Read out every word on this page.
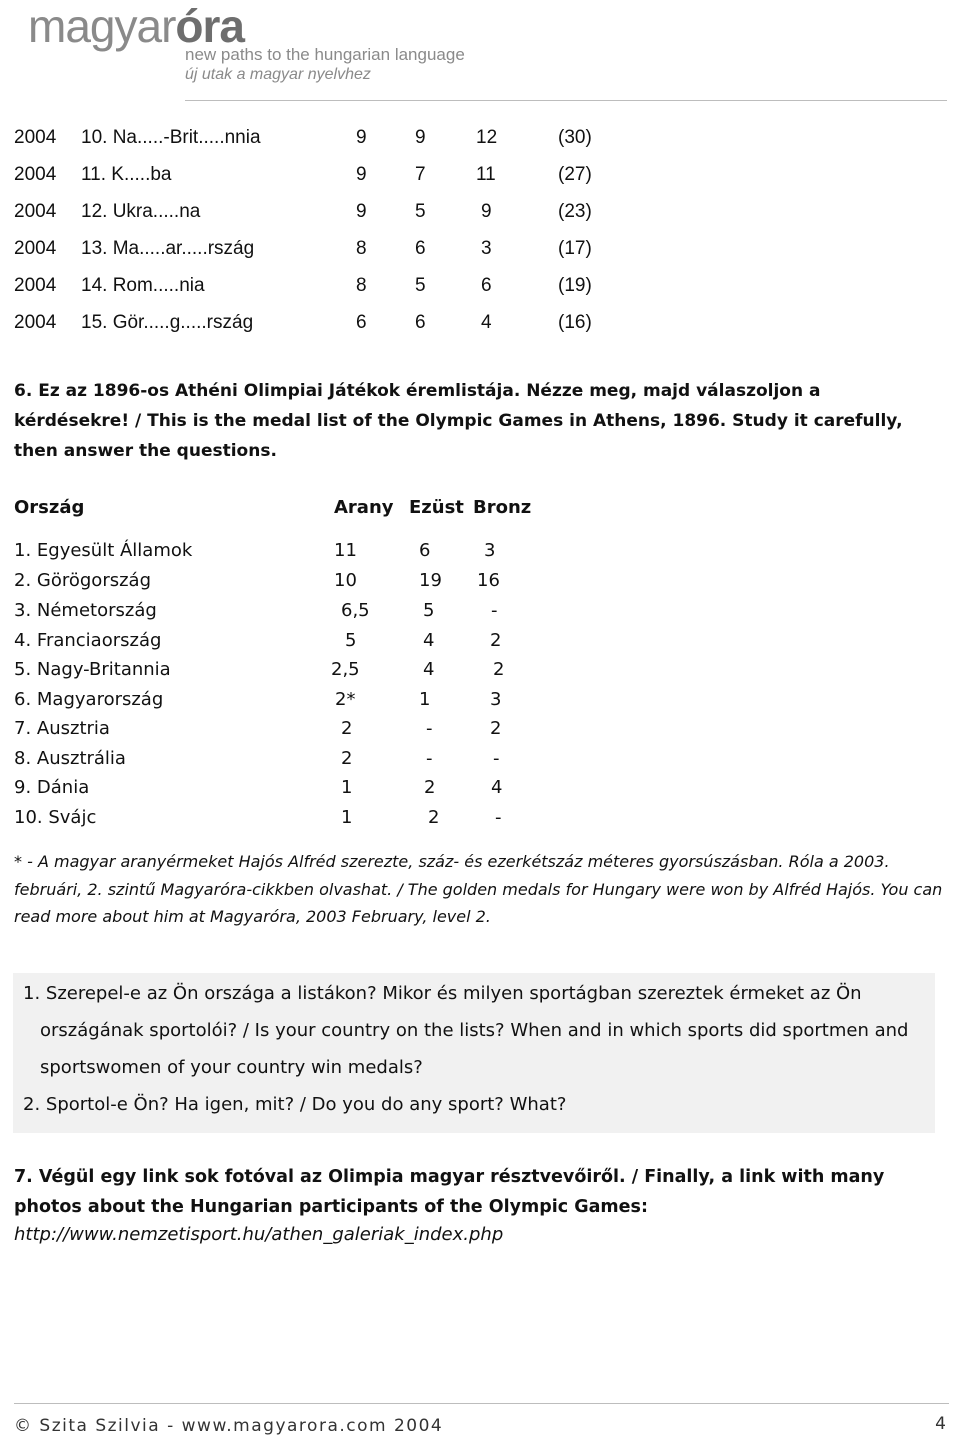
magyaróra
new paths to the hungarian language
új utak a magyar nyelvhez
2004 10. Na.....-Brit.....nnia	9	9	12	(30)
2004 11. K.....ba	9	7	11	(27)
2004 12. Ukra.....na	9	5	9	(23)
2004 13. Ma.....ar.....rszág	8	6	3	(17)
2004 14. Rom.....nia	8	5	6	(19)
2004 15. Gör.....g.....rszág	6	6	4	(16)
6. Ez az 1896-os Athéni Olimpiai Játékok éremlistája. Nézze meg, majd válaszoljon a kérdésekre! / This is the medal list of the Olympic Games in Athens, 1896. Study it carefully, then answer the questions.
Ország	Arany Ezüst Bronz
1. Egyesült Államok	11	6	3
2. Görögország	10	19 16
3. Németország	6,5	5	-
4. Franciaország	5	4	2
5. Nagy-Britannia	2,5	4	2
6. Magyarország	2*	1	3
7. Ausztria	2	-	2
8. Ausztrália	2	-	-
9. Dánia	1	2	4
10. Svájc	1	2	-
* - A magyar aranyérmeket Hajós Alfréd szerezte, száz- és ezerkétszáz méteres gyorsúszásban. Róla a 2003. februári, 2. szintű Magyaróra-cikkben olvashat. / The golden medals for Hungary were won by Alfréd Hajós. You can read more about him at Magyaróra, 2003 February, level 2.
1. Szerepel-e az Ön országa a listákon? Mikor és milyen sportágban szereztek érmeket az Ön
országának sportolói? / Is your country on the lists? When and in which sports did sportmen and sportswomen of your country win medals?
2. Sportol-e Ön? Ha igen, mit? / Do you do any sport? What?
7. Végül egy link sok fotóval az Olimpia magyar résztvevőiről. / Finally, a link with many photos about the Hungarian participants of the Olympic Games:
http://www.nemzetisport.hu/athen_galeriak_index.php
© Szita Szilvia - www.magyarora.com 2004	4
